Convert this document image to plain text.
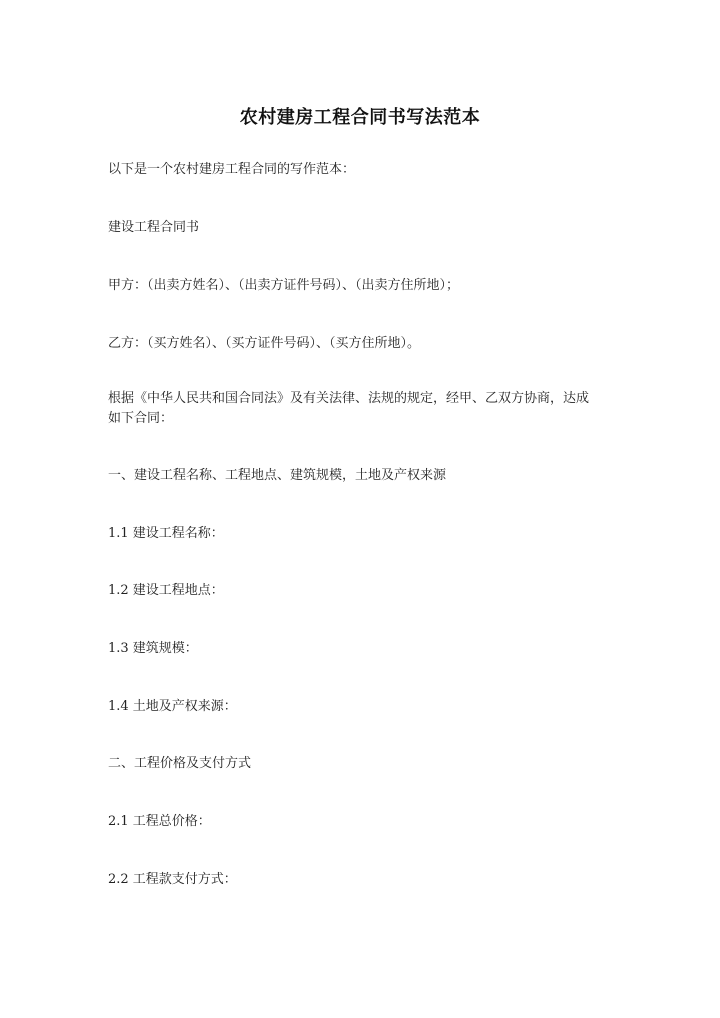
农村建房工程合同书写法范本

以下是一个农村建房工程合同的写作范本：

建设工程合同书

甲方：（出卖方姓名）、（出卖方证件号码）、（出卖方住所地）；

乙方：（买方姓名）、（买方证件号码）、（买方住所地）。

根据《中华人民共和国合同法》及有关法律、法规的规定，经甲、乙双方协商，达成
如下合同：

一、建设工程名称、工程地点、建筑规模，土地及产权来源

1.1 建设工程名称：

1.2 建设工程地点：

1.3 建筑规模：

1.4 土地及产权来源：

二、工程价格及支付方式

2.1 工程总价格：

2.2 工程款支付方式：
